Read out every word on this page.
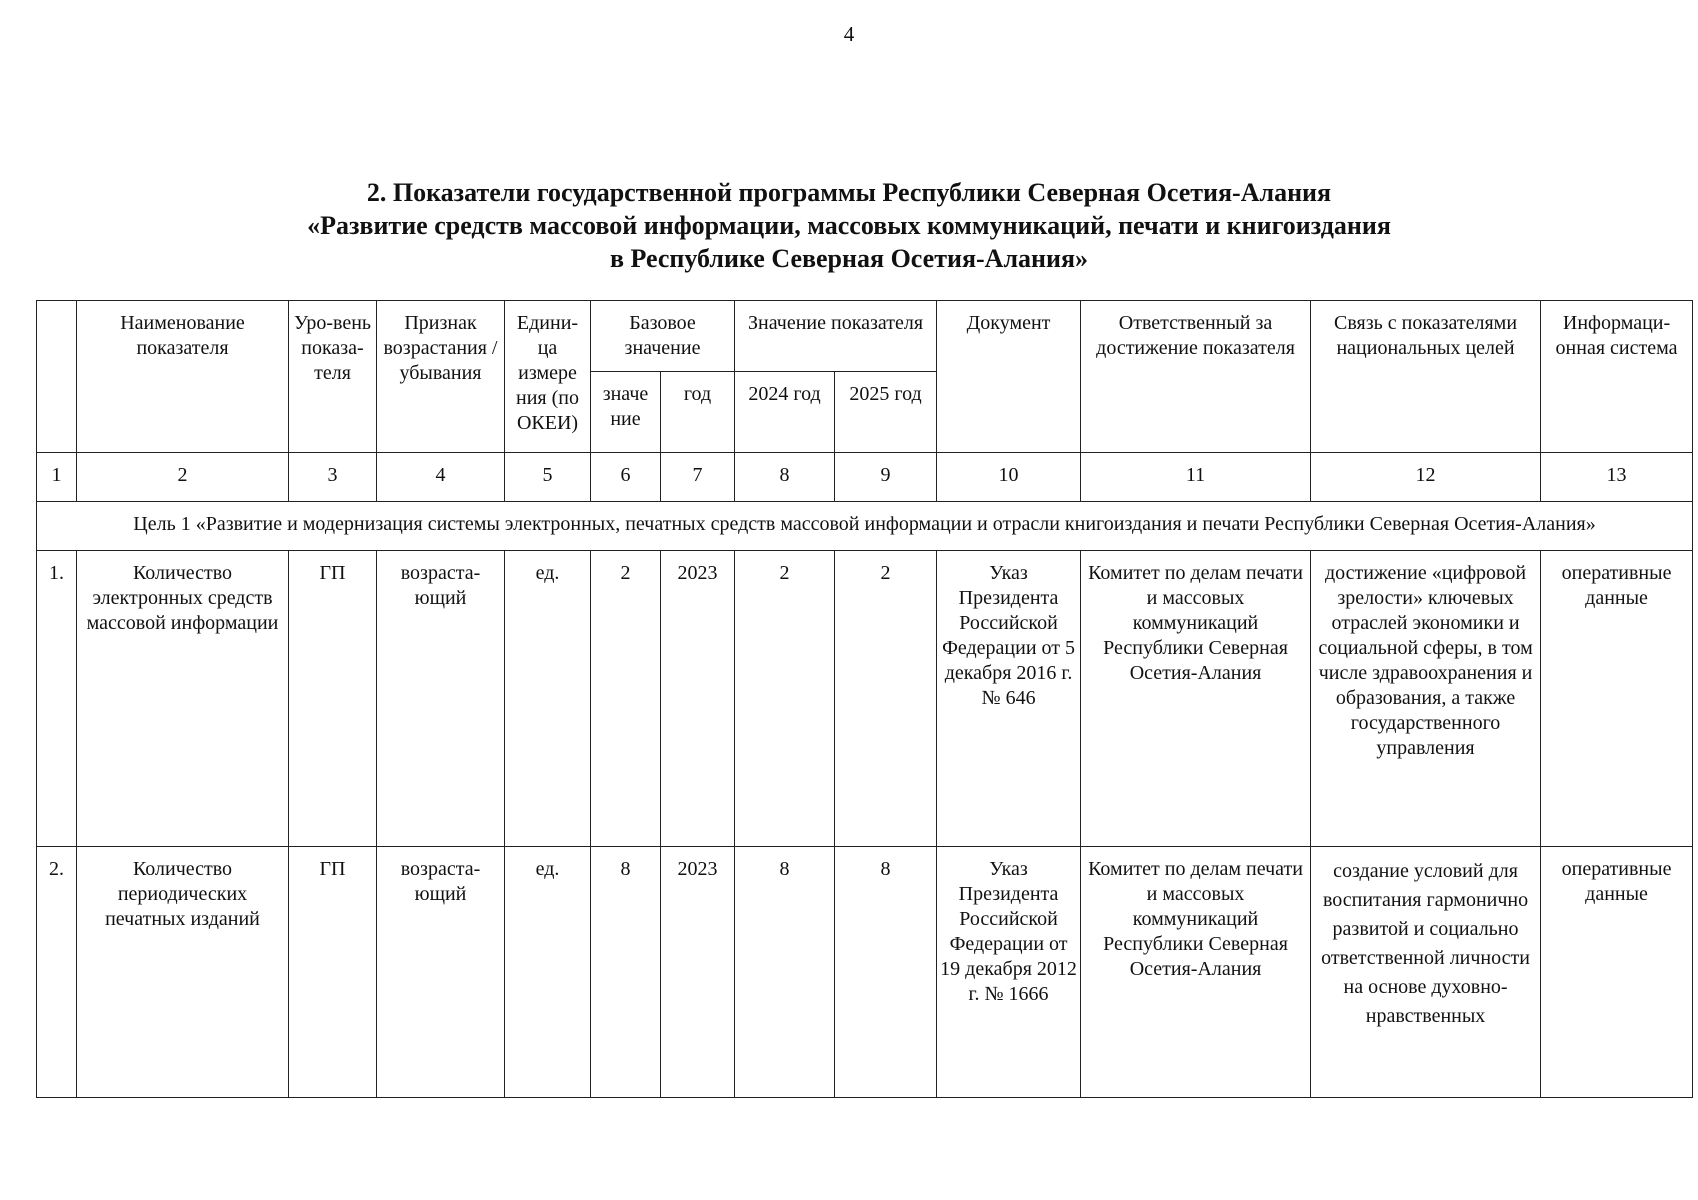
4
2. Показатели государственной программы Республики Северная Осетия-Алания
«Развитие средств массовой информации, массовых коммуникаций, печати и книгоиздания
в Республике Северная Осетия-Алания»
	Наименование показателя	Уро-вень показа-теля	Признак возрастания / убывания	Едини-ца измере ния (по ОКЕИ)	Базовое значение		Значение показателя		Документ	Ответственный за достижение показателя	Связь с показателями национальных целей	Информаци-онная система
					значе ние	год	2024 год	2025 год				
1	2	3	4	5	6	7	8	9	10	11	12	13
Цель 1 «Развитие и модернизация системы электронных, печатных средств массовой информации и отрасли книгоиздания и печати Республики Северная Осетия-Алания»												
1.	Количество электронных средств массовой информации	ГП	возраста-ющий	ед.	2	2023	2	2	Указ Президента Российской Федерации от 5 декабря 2016 г. № 646	Комитет по делам печати и массовых коммуникаций Республики Северная Осетия-Алания	достижение «цифровой зрелости» ключевых отраслей экономики и социальной сферы, в том числе здравоохранения и образования, а также государственного управления	оперативные данные
2.	Количество периодических печатных изданий	ГП	возраста-ющий	ед.	8	2023	8	8	Указ Президента Российской Федерации от 19 декабря 2012 г. № 1666	Комитет по делам печати и массовых коммуникаций Республики Северная Осетия-Алания	создание условий для воспитания гармонично развитой и социально ответственной личности на основе духовно-нравственных	оперативные данные
